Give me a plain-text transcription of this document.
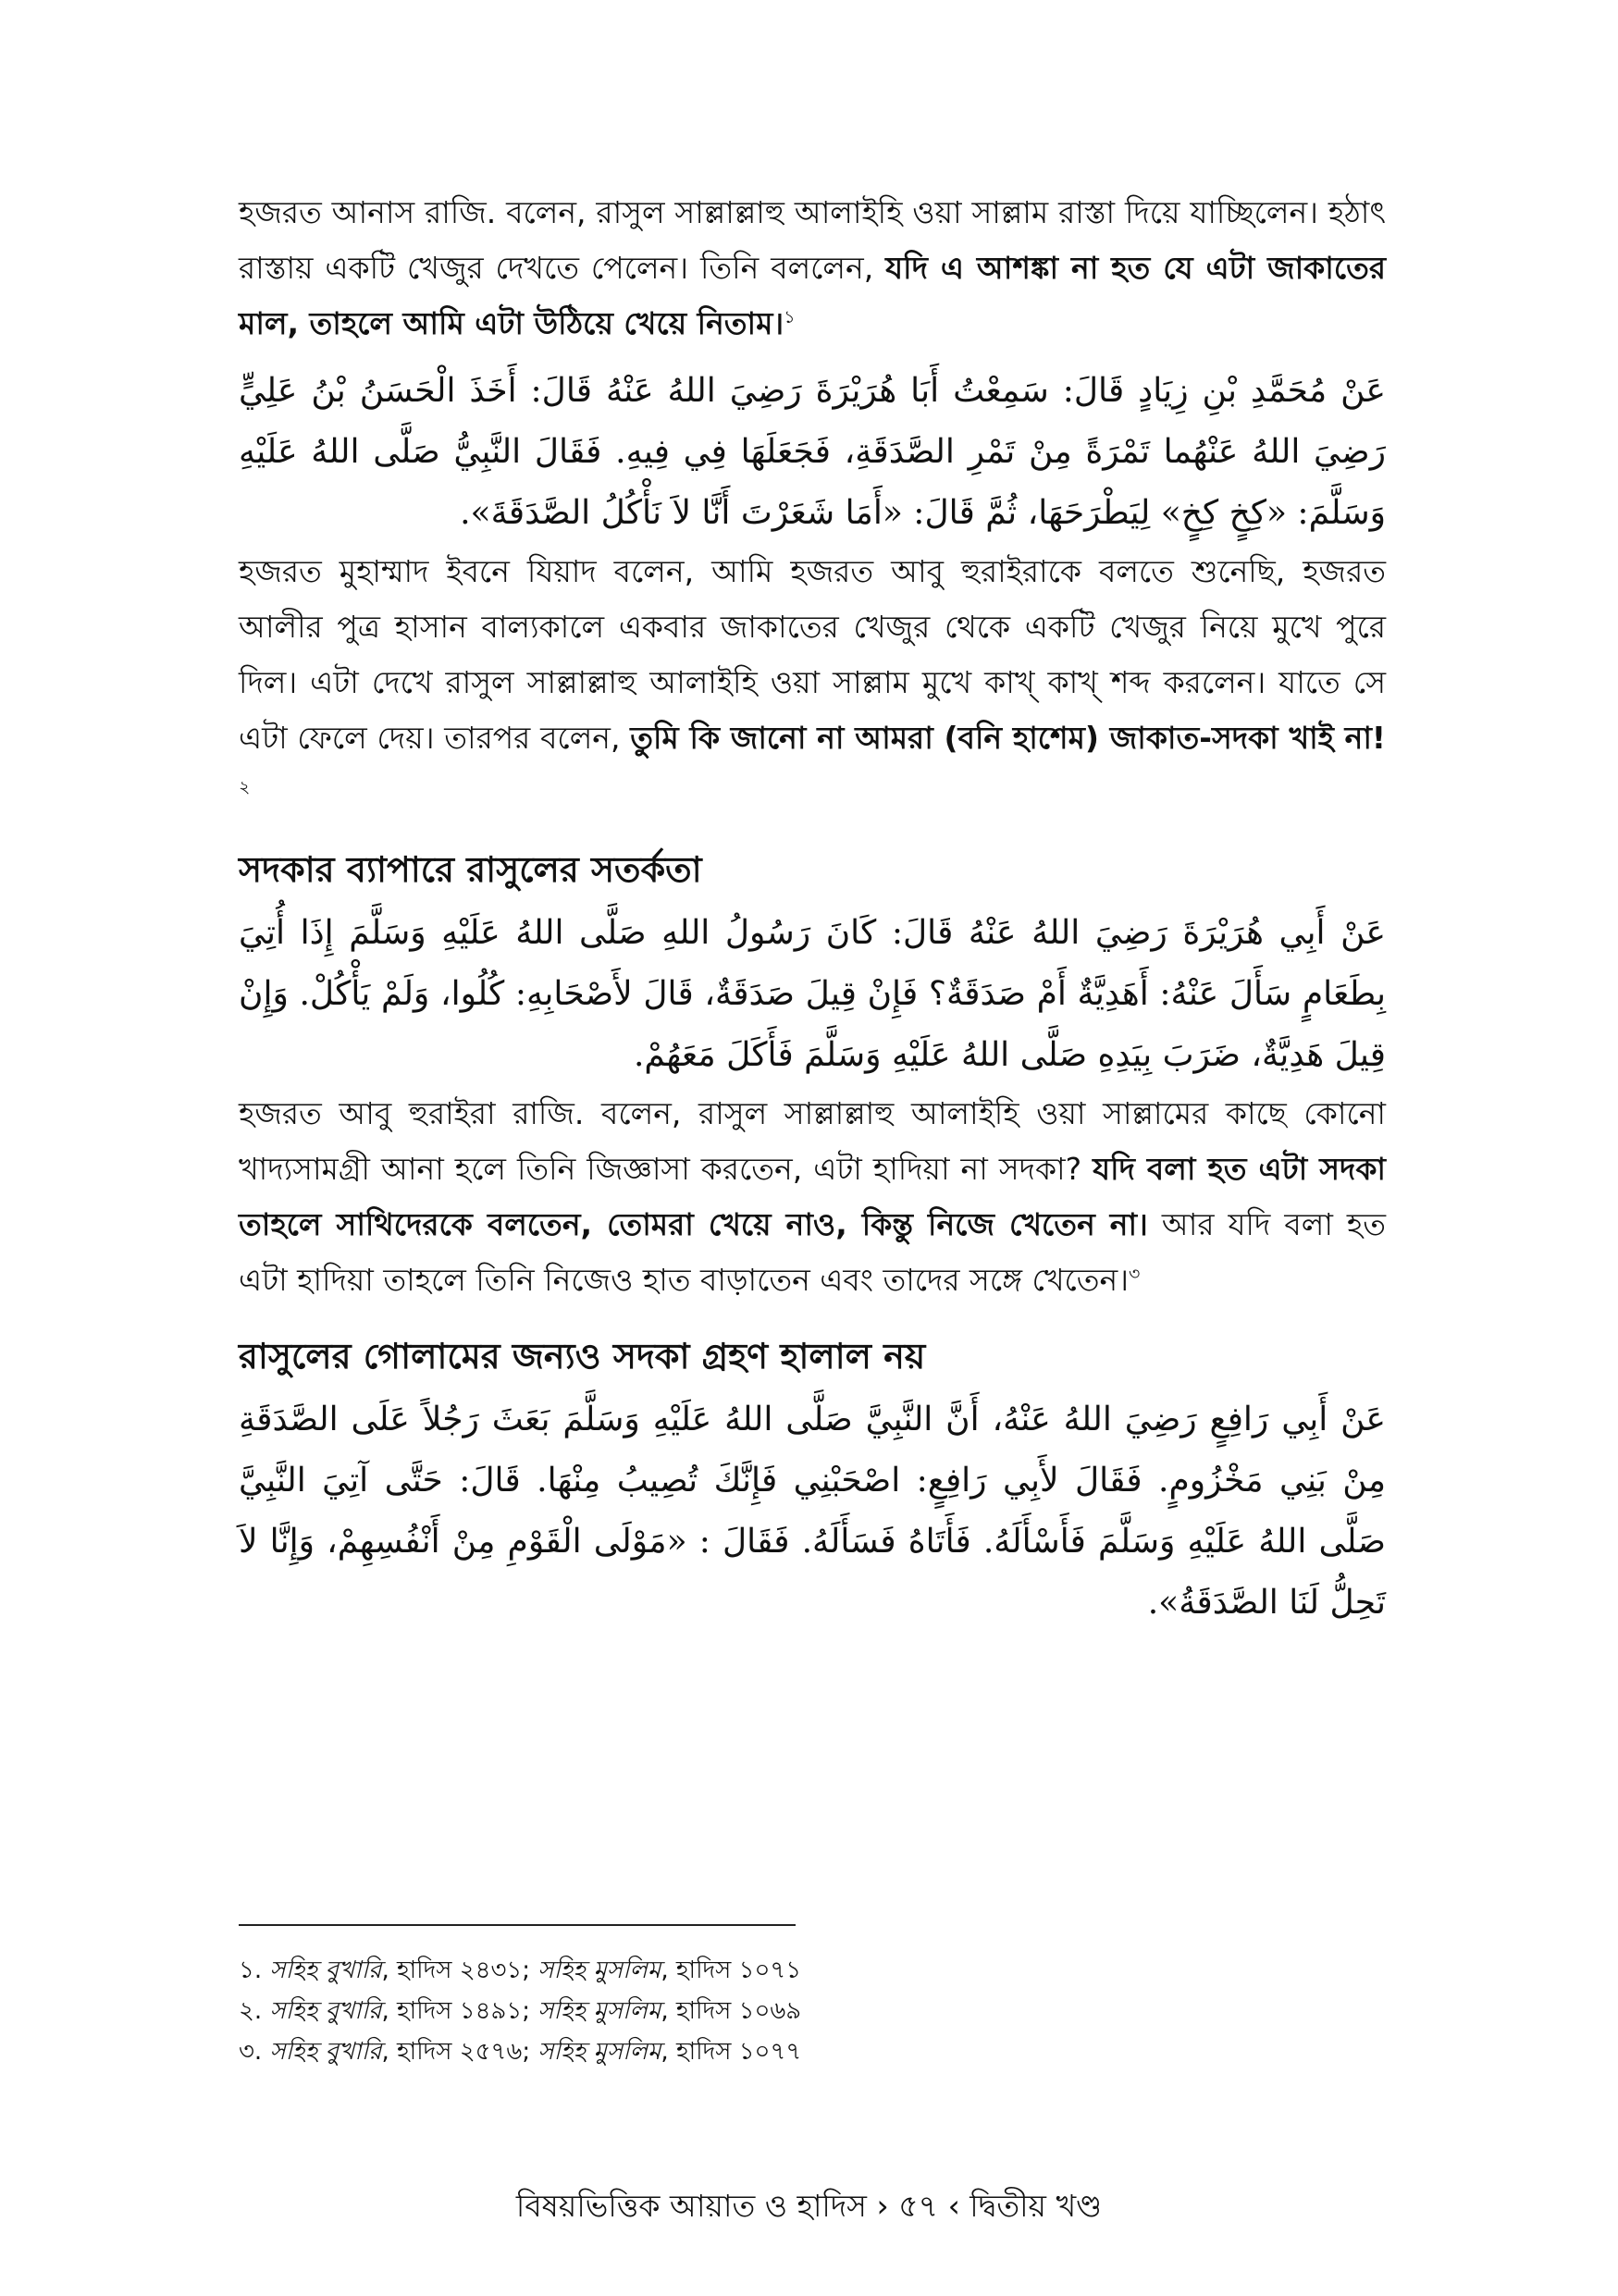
হজরত আনাস রাজি. বলেন, রাসুল সাল্লাল্লাহু আলাইহি ওয়া সাল্লাম রাস্তা দিয়ে যাচ্ছিলেন। হঠাৎ রাস্তায় একটি খেজুর দেখতে পেলেন। তিনি বললেন, যদি এ আশঙ্কা না হত যে এটা জাকাতের মাল, তাহলে আমি এটা উঠিয়ে খেয়ে নিতাম।$^১$

عَنْ مُحَمَّدِ بْنِ زِيَادٍ قَالَ: سَمِعْتُ أَبَا هُرَيْرَةَ رَضِيَ اللهُ عَنْهُ قَالَ: أَخَذَ الْحَسَنُ بْنُ عَلِيٍّ رَضِيَ اللهُ عَنْهُما تَمْرَةً مِنْ تَمْرِ الصَّدَقَةِ، فَجَعَلَهَا فِي فِيهِ. فَقَالَ النَّبِيُّ صَلَّى اللهُ عَلَيْهِ وَسَلَّمَ: «كِخٍ كِخٍ» لِيَطْرَحَهَا، ثُمَّ قَالَ: «أَمَا شَعَرْتَ أَنَّا لاَ نَأْكُلُ الصَّدَقَةَ».

হজরত মুহাম্মাদ ইবনে যিয়াদ বলেন, আমি হজরত আবু হুরাইরাকে বলতে শুনেছি, হজরত আলীর পুত্র হাসান বাল্যকালে একবার জাকাতের খেজুর থেকে একটি খেজুর নিয়ে মুখে পুরে দিল। এটা দেখে রাসুল সাল্লাল্লাহু আলাইহি ওয়া সাল্লাম মুখে কাখ্ কাখ্ শব্দ করলেন। যাতে সে এটা ফেলে দেয়। তারপর বলেন, তুমি কি জানো না আমরা (বনি হাশেম) জাকাত-সদকা খাই না!$^২$

সদকার ব্যাপারে রাসুলের সতর্কতা

عَنْ أَبِي هُرَيْرَةَ رَضِيَ اللهُ عَنْهُ قَالَ: كَانَ رَسُولُ اللهِ صَلَّى اللهُ عَلَيْهِ وَسَلَّمَ إِذَا أُتِيَ بِطَعَامٍ سَأَلَ عَنْهُ: أَهَدِيَّةٌ أَمْ صَدَقَةٌ؟ فَإِنْ قِيلَ صَدَقَةٌ، قَالَ لأَصْحَابِهِ: كُلُوا، وَلَمْ يَأْكُلْ. وَإِنْ قِيلَ هَدِيَّةٌ، ضَرَبَ بِيَدِهِ صَلَّى اللهُ عَلَيْهِ وَسَلَّمَ فَأَكَلَ مَعَهُمْ.

হজরত আবু হুরাইরা রাজি. বলেন, রাসুল সাল্লাল্লাহু আলাইহি ওয়া সাল্লামের কাছে কোনো খাদ্যসামগ্রী আনা হলে তিনি জিজ্ঞাসা করতেন, এটা হাদিয়া না সদকা? যদি বলা হত এটা সদকা তাহলে সাথিদেরকে বলতেন, তোমরা খেয়ে নাও, কিন্তু নিজে খেতেন না। আর যদি বলা হত এটা হাদিয়া তাহলে তিনি নিজেও হাত বাড়াতেন এবং তাদের সঙ্গে খেতেন।$^৩$

রাসুলের গোলামের জন্যও সদকা গ্রহণ হালাল নয়

عَنْ أَبِي رَافِعٍ رَضِيَ اللهُ عَنْهُ، أَنَّ النَّبِيَّ صَلَّى اللهُ عَلَيْهِ وَسَلَّمَ بَعَثَ رَجُلاً عَلَى الصَّدَقَةِ مِنْ بَنِي مَخْزُومٍ. فَقَالَ لأَبِي رَافِعٍ: اصْحَبْنِي فَإِنَّكَ تُصِيبُ مِنْهَا. قَالَ: حَتَّى آتِيَ النَّبِيَّ صَلَّى اللهُ عَلَيْهِ وَسَلَّمَ فَأَسْأَلَهُ. فَأَتَاهُ فَسَأَلَهُ. فَقَالَ : «مَوْلَى الْقَوْمِ مِنْ أَنْفُسِهِمْ، وَإِنَّا لاَ تَحِلُّ لَنَا الصَّدَقَةُ».

১. সহিহ বুখারি, হাদিস ২৪৩১; সহিহ মুসলিম, হাদিস ১০৭১

২. সহিহ বুখারি, হাদিস ১৪৯১; সহিহ মুসলিম, হাদিস ১০৬৯

৩. সহিহ বুখারি, হাদিস ২৫৭৬; সহিহ মুসলিম, হাদিস ১০৭৭

বিষয়ভিত্তিক আয়াত ও হাদিস › ৫৭ ‹ দ্বিতীয় খণ্ড
